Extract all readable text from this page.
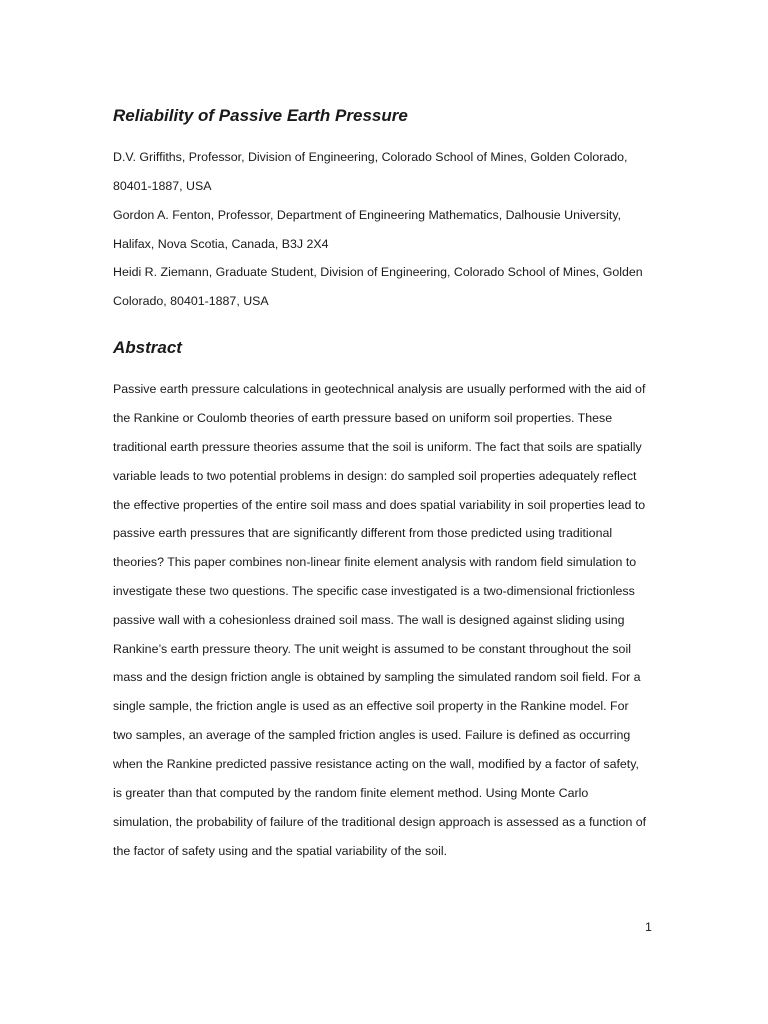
Reliability of Passive Earth Pressure

D.V. Griffiths, Professor, Division of Engineering, Colorado School of Mines, Golden Colorado,

80401-1887, USA

Gordon A. Fenton, Professor, Department of Engineering Mathematics, Dalhousie University,

Halifax, Nova Scotia, Canada, B3J 2X4

Heidi R. Ziemann, Graduate Student, Division of Engineering, Colorado School of Mines, Golden

Colorado, 80401-1887, USA

Abstract

Passive earth pressure calculations in geotechnical analysis are usually performed with the aid of

the Rankine or Coulomb theories of earth pressure based on uniform soil properties. These

traditional earth pressure theories assume that the soil is uniform. The fact that soils are spatially

variable leads to two potential problems in design: do sampled soil properties adequately reflect

the effective properties of the entire soil mass and does spatial variability in soil properties lead to

passive earth pressures that are significantly different from those predicted using traditional

theories? This paper combines non-linear finite element analysis with random field simulation to

investigate these two questions. The specific case investigated is a two-dimensional frictionless

passive wall with a cohesionless drained soil mass. The wall is designed against sliding using

Rankine’s earth pressure theory. The unit weight is assumed to be constant throughout the soil

mass and the design friction angle is obtained by sampling the simulated random soil field. For a

single sample, the friction angle is used as an effective soil property in the Rankine model. For

two samples, an average of the sampled friction angles is used. Failure is defined as occurring

when the Rankine predicted passive resistance acting on the wall, modified by a factor of safety,

is greater than that computed by the random finite element method. Using Monte Carlo

simulation, the probability of failure of the traditional design approach is assessed as a function of

the factor of safety using and the spatial variability of the soil.

1
